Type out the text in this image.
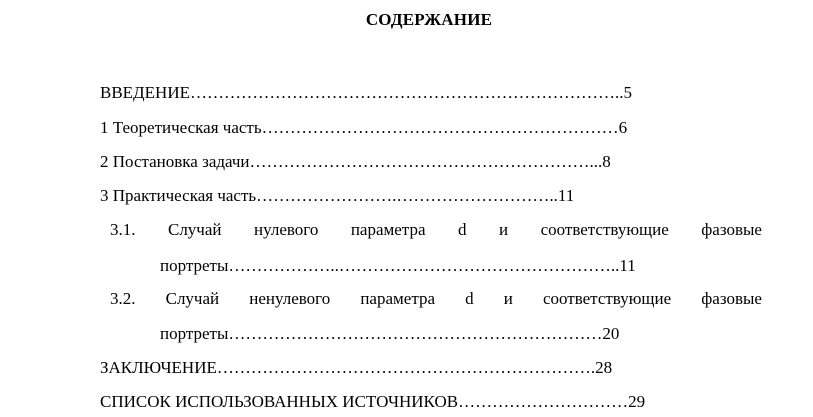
СОДЕРЖАНИЕ
ВВЕДЕНИЕ…………………………………………………………………..5
1 Теоретическая часть………………………………………………………6
2 Постановка задачи……………………………………………………...8
3 Практическая часть…………………….………………………..11
3.1. Случай нулевого параметра d и соответствующие фазовые
портреты………………..…………………………………………..11
3.2. Случай ненулевого параметра d и соответствующие фазовые
портреты…………………………………………………………20
ЗАКЛЮЧЕНИЕ………………………………………………………….28
СПИСОК ИСПОЛЬЗОВАННЫХ ИСТОЧНИКОВ…………………………29
